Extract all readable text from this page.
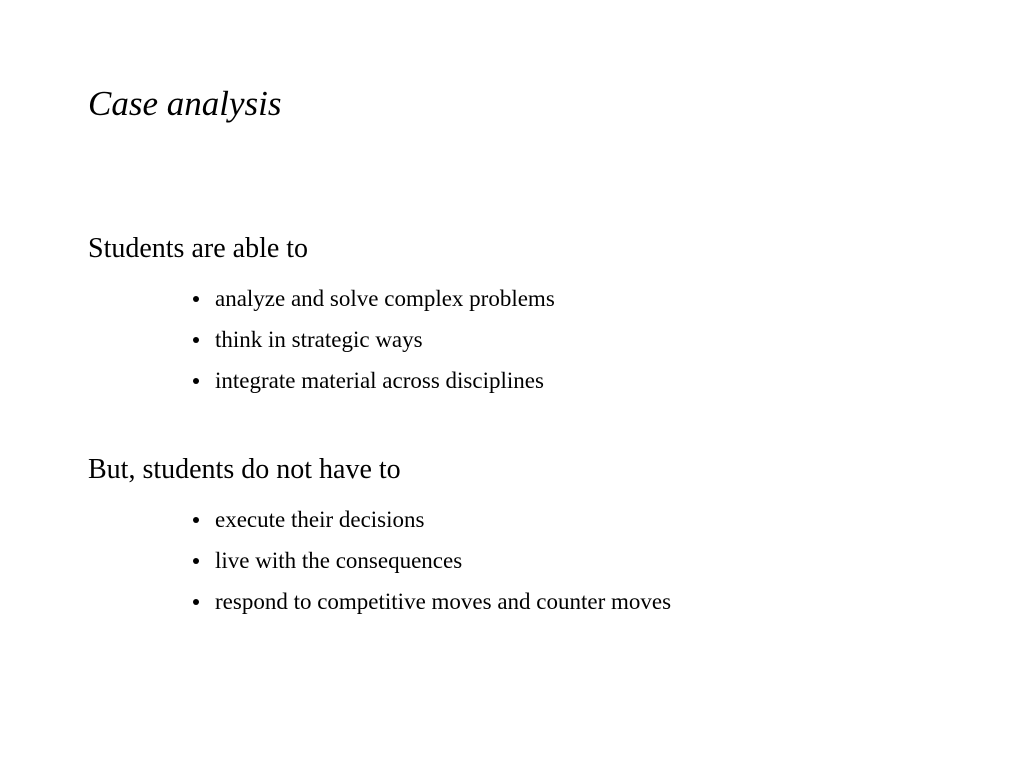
Case analysis
Students are able to
analyze and solve complex problems
think in strategic ways
integrate material across disciplines
But, students do not have to
execute their decisions
live with the consequences
respond to competitive moves and counter moves
